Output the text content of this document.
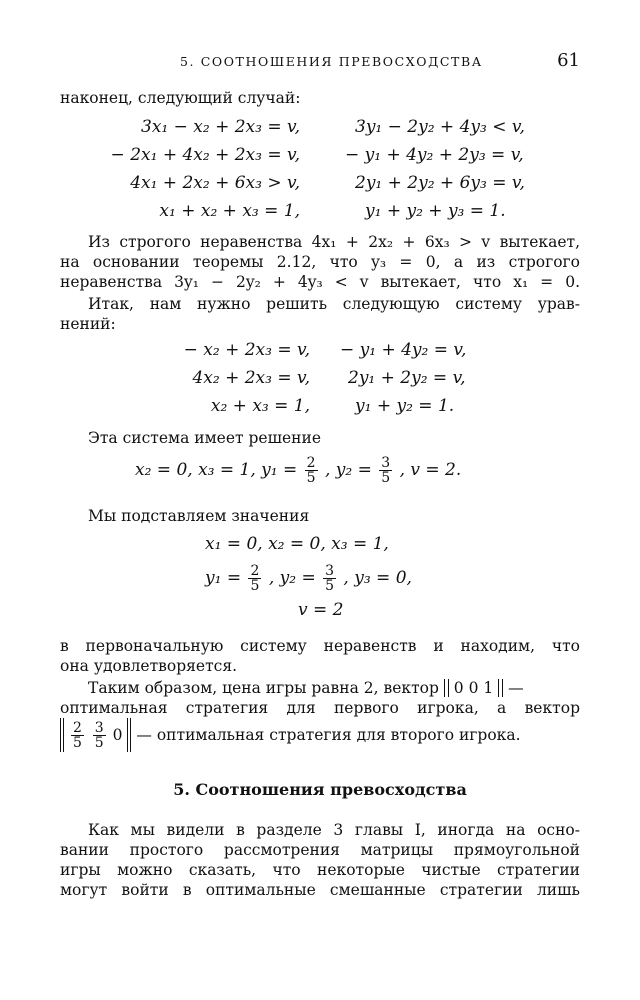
5. СООТНОШЕНИЯ ПРЕВОСХОДСТВА	61

наконец, следующий случай:

3x₁ − x₂ + 2x₃ = v,	3y₁ − 2y₂ + 4y₃ < v,
− 2x₁ + 4x₂ + 2x₃ = v,	− y₁ + 4y₂ + 2y₃ = v,
4x₁ + 2x₂ + 6x₃ > v,	2y₁ + 2y₂ + 6y₃ = v,
x₁ + x₂ + x₃ = 1,	y₁ + y₂ + y₃ = 1.

Из строгого неравенства 4x₁ + 2x₂ + 6x₃ > v вытекает,

на основании теоремы 2.12, что y₃ = 0, а из строгого

неравенства 3y₁ − 2y₂ + 4y₃ < v вытекает, что x₁ = 0.

Итак, нам нужно решить следующую систему урав-

нений:

− x₂ + 2x₃ = v, − y₁ + 4y₂ = v,
4x₂ + 2x₃ = v, 2y₁ + 2y₂ = v,
x₂ + x₃ = 1,	y₁ + y₂ = 1.

Эта система имеет решение

x₂ = 0, x₃ = 1, $y_1 = \frac{2}{5}$ , $y_2 = \frac{3}{5}$ , v = 2.

Мы подставляем значения

x₁ = 0, x₂ = 0, x₃ = 1,
$y_1 = \frac{2}{5}$ , $y_2 = \frac{3}{5}$ , y₃ = 0,
v = 2

в первоначальную систему неравенств и находим, что

она удовлетворяется.

Таким образом, цена игры равна 2, вектор 0 0 1 —

оптимальная стратегия для первого игрока, а вектор

$\frac{2}{5}$
$\frac{3}{5} 0$ — оптимальная стратегия для второго игрока.
5. Соотношения превосходства

Как мы видели в разделе 3 главы I, иногда на осно-

вании простого рассмотрения матрицы прямоугольной

игры можно сказать, что некоторые чистые стратегии

могут войти в оптимальные смешанные стратегии лишь
